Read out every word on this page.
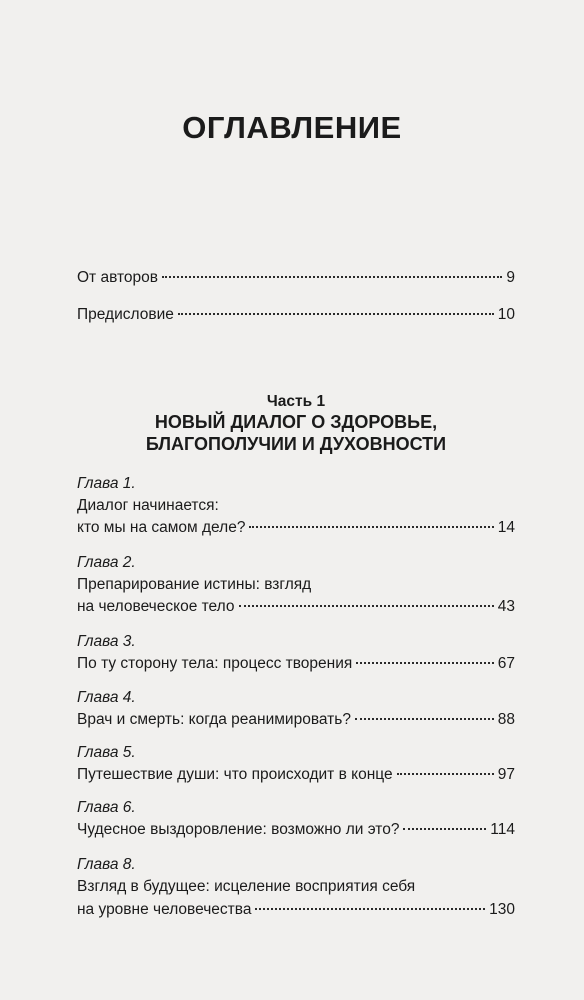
ОГЛАВЛЕНИЕ
От авторов	9
Предисловие	10
Часть 1
НОВЫЙ ДИАЛОГ О ЗДОРОВЬЕ,
БЛАГОПОЛУЧИИ И ДУХОВНОСТИ
Глава 1.
Диалог начинается:
кто мы на самом деле?	14
Глава 2.
Препарирование истины: взгляд
на человеческое тело	43
Глава 3.
По ту сторону тела: процесс творения	67
Глава 4.
Врач и смерть: когда реанимировать?	88
Глава 5.
Путешествие души: что происходит в конце	97
Глава 6.
Чудесное выздоровление: возможно ли это?	114
Глава 8.
Взгляд в будущее: исцеление восприятия себя
на уровне человечества	130
